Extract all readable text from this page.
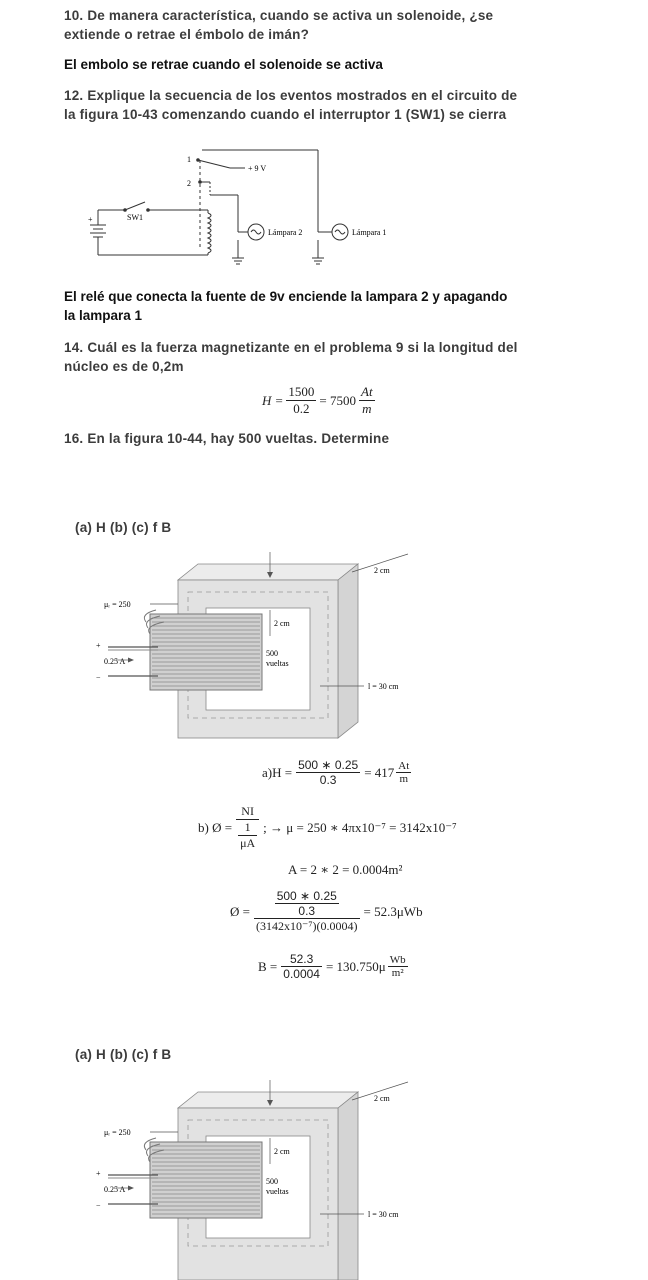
10. De manera característica, cuando se activa un solenoide, ¿se
extiende o retrae el émbolo de imán?
El embolo se retrae cuando el solenoide se activa
12. Explique la secuencia de los eventos mostrados en el circuito de
la figura 10-43 comenzando cuando el interruptor 1 (SW1) se cierra
1
2
+ 9 V
SW1
+
Lámpara 2	Lámpara 1
El relé que conecta la fuente de 9v enciende la lampara 2 y apagando
la lampara 1
14. Cuál es la fuerza magnetizante en el problema 9 si la longitud del
núcleo es de 0,2m
$H = \frac{1500}{0.2} = 7500 \frac{At}{m}$
16. En la figura 10-44, hay 500 vueltas. Determine
(a) H (b) (c) f B
2 cm
μᵣ = 250
2 cm
500
vueltas
+
0.25 A
−
l = 30 cm
$a)H = \frac{500 ∗ 0.25}{0.3} = 417 \frac{At}{m}$
b) Ø = $\frac{NI}{\frac{1}{\mu A}}$ ; → μ = 250 ∗ 4πx10⁻⁷ = 3142x10⁻⁷
A = 2 ∗ 2 = 0.0004m²
Ø = $\frac{\frac{500 ∗ 0.25}{0.3}}{\text{(3142x10⁻⁷)(0.0004)}} = 52.3\mu Wb$
$B = \frac{52.3}{0.0004} = 130.750\mu \frac{Wb}{\text{m²}}$
(a) H (b) (c) f B
2 cm
μᵣ = 250
2 cm
500
vueltas
+
0.25 A
−
l = 30 cm
